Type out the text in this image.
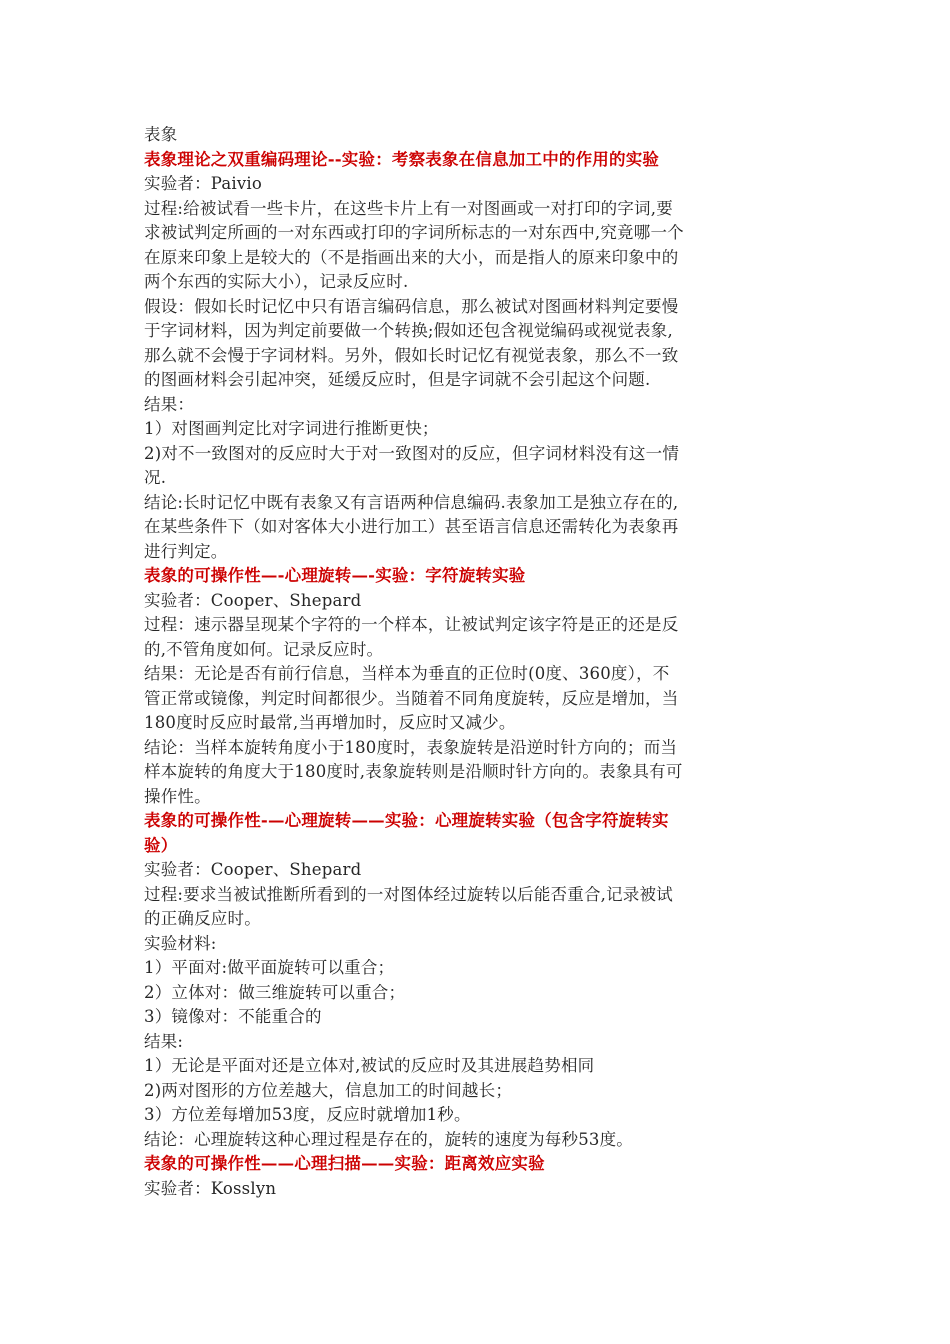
表象
表象理论之双重编码理论--实验：考察表象在信息加工中的作用的实验
实验者：Paivio
过程:给被试看一些卡片，在这些卡片上有一对图画或一对打印的字词,要
求被试判定所画的一对东西或打印的字词所标志的一对东西中,究竟哪一个
在原来印象上是较大的（不是指画出来的大小，而是指人的原来印象中的
两个东西的实际大小），记录反应时.
假设：假如长时记忆中只有语言编码信息，那么被试对图画材料判定要慢
于字词材料，因为判定前要做一个转换;假如还包含视觉编码或视觉表象,
那么就不会慢于字词材料。另外，假如长时记忆有视觉表象，那么不一致
的图画材料会引起冲突，延缓反应时，但是字词就不会引起这个问题.
结果：
1）对图画判定比对字词进行推断更快；
2)对不一致图对的反应时大于对一致图对的反应，但字词材料没有这一情
况.
结论:长时记忆中既有表象又有言语两种信息编码.表象加工是独立存在的,
在某些条件下（如对客体大小进行加工）甚至语言信息还需转化为表象再
进行判定。
表象的可操作性—-心理旋转—-实验：字符旋转实验
实验者：Cooper、Shepard
过程：速示器呈现某个字符的一个样本，让被试判定该字符是正的还是反
的,不管角度如何。记录反应时。
结果：无论是否有前行信息，当样本为垂直的正位时(0度、360度），不
管正常或镜像，判定时间都很少。当随着不同角度旋转，反应是增加，当
180度时反应时最常,当再增加时，反应时又减少。
结论：当样本旋转角度小于180度时，表象旋转是沿逆时针方向的；而当
样本旋转的角度大于180度时,表象旋转则是沿顺时针方向的。表象具有可
操作性。
表象的可操作性-—心理旋转——实验：心理旋转实验（包含字符旋转实
验）
实验者：Cooper、Shepard
过程:要求当被试推断所看到的一对图体经过旋转以后能否重合,记录被试
的正确反应时。
实验材料:
1）平面对:做平面旋转可以重合；
2）立体对：做三维旋转可以重合；
3）镜像对：不能重合的
结果:
1）无论是平面对还是立体对,被试的反应时及其进展趋势相同
2)两对图形的方位差越大，信息加工的时间越长；
3）方位差每增加53度，反应时就增加1秒。
结论：心理旋转这种心理过程是存在的，旋转的速度为每秒53度。
表象的可操作性——心理扫描——实验：距离效应实验
实验者：Kosslyn
